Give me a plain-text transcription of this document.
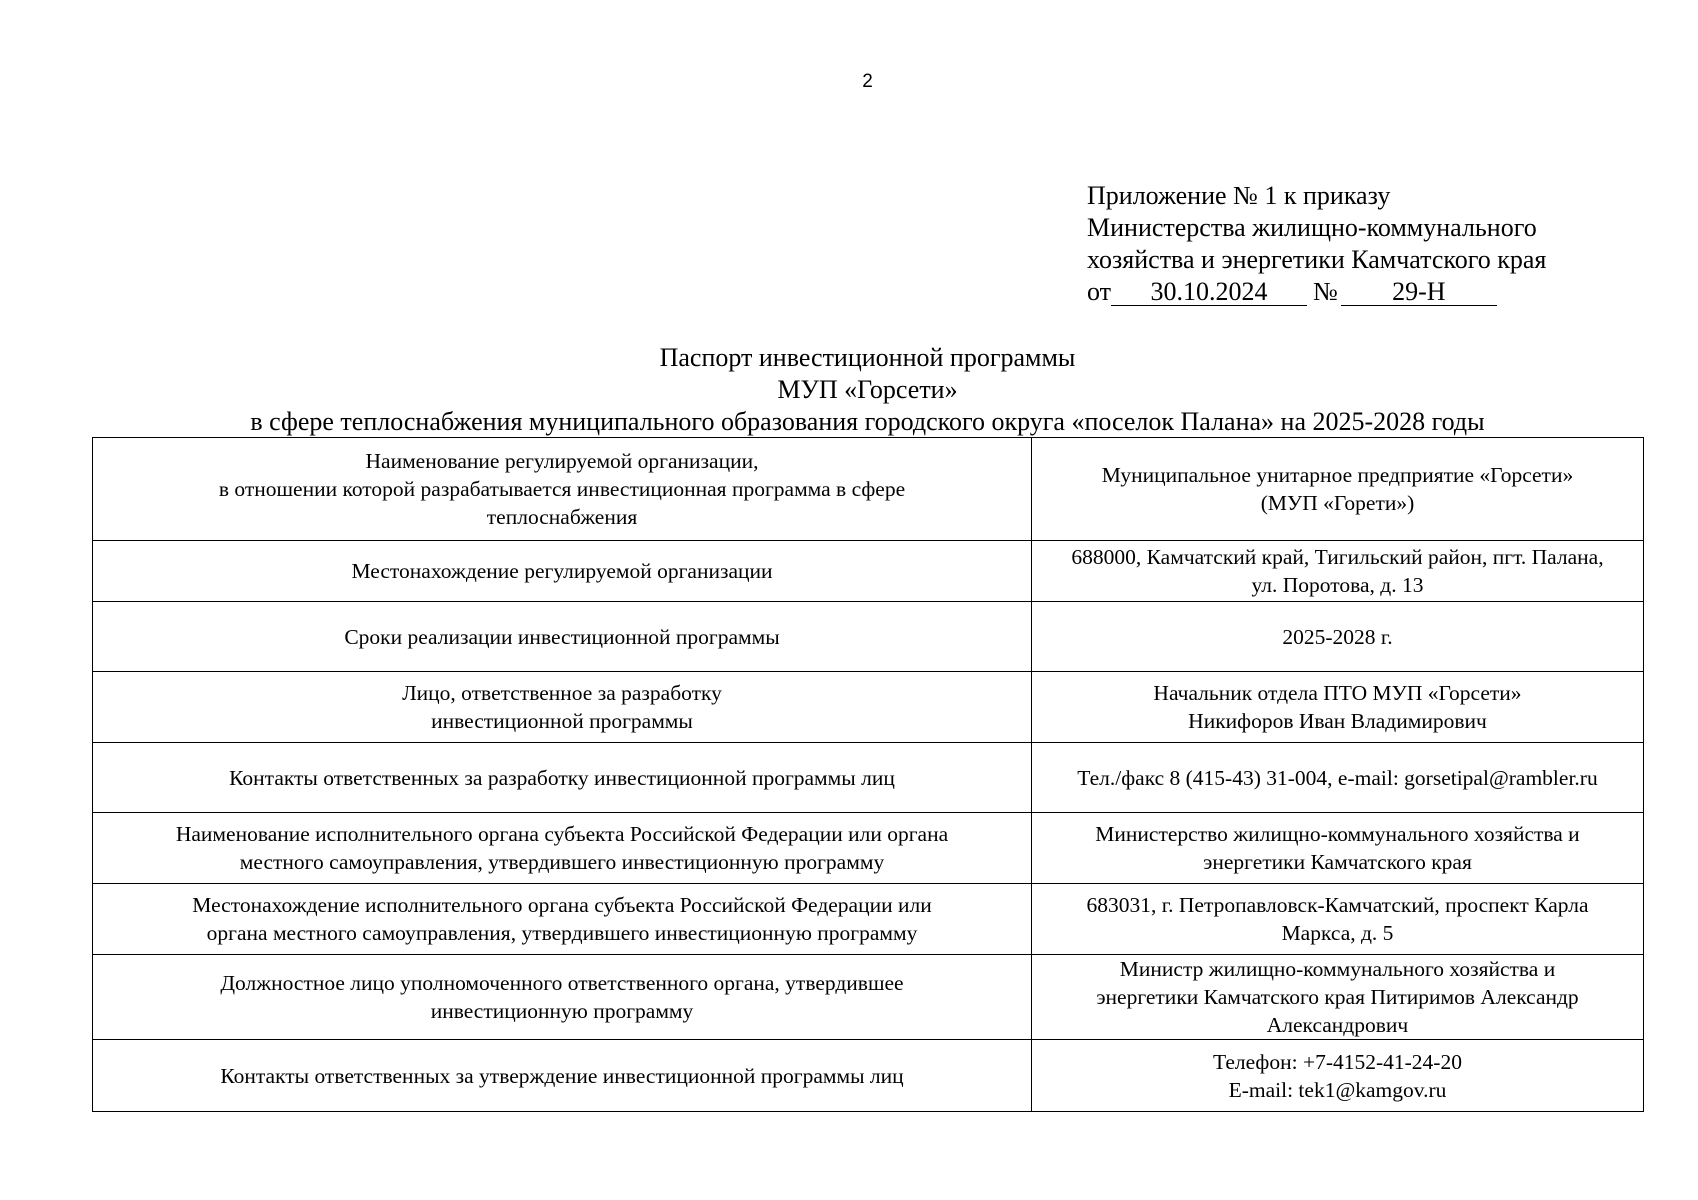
2
Приложение № 1 к приказу
Министерства жилищно-коммунального
хозяйства и энергетики Камчатского края
от 30.10.2024 № 29-Н
Паспорт инвестиционной программы
МУП «Горсети»
в сфере теплоснабжения муниципального образования городского округа «поселок Палана» на 2025-2028 годы
Наименование регулируемой организации,
в отношении которой разрабатывается инвестиционная программа в сфере
теплоснабжения	Муниципальное унитарное предприятие «Горсети»
(МУП «Горети»)

Местонахождение регулируемой организации	688000, Камчатский край, Тигильский район, пгт. Палана,
ул. Поротова, д. 13

Сроки реализации инвестиционной программы	2025-2028 г.

Лицо, ответственное за разработку
инвестиционной программы	Начальник отдела ПТО МУП «Горсети»
Никифоров Иван Владимирович

Контакты ответственных за разработку инвестиционной программы лиц	Тел./факс 8 (415-43) 31-004, e-mail: gorsetipal@rambler.ru

Наименование исполнительного органа субъекта Российской Федерации или органа
местного самоуправления, утвердившего инвестиционную программу	Министерство жилищно-коммунального хозяйства и
энергетики Камчатского края

Местонахождение исполнительного органа субъекта Российской Федерации или
органа местного самоуправления, утвердившего инвестиционную программу	683031, г. Петропавловск-Камчатский, проспект Карла
Маркса, д. 5

Должностное лицо уполномоченного ответственного органа, утвердившее
инвестиционную программу	Министр жилищно-коммунального хозяйства и
энергетики Камчатского края Питиримов Александр
Александрович

Контакты ответственных за утверждение инвестиционной программы лиц	Телефон: +7-4152-41-24-20
E-mail: tek1@kamgov.ru
